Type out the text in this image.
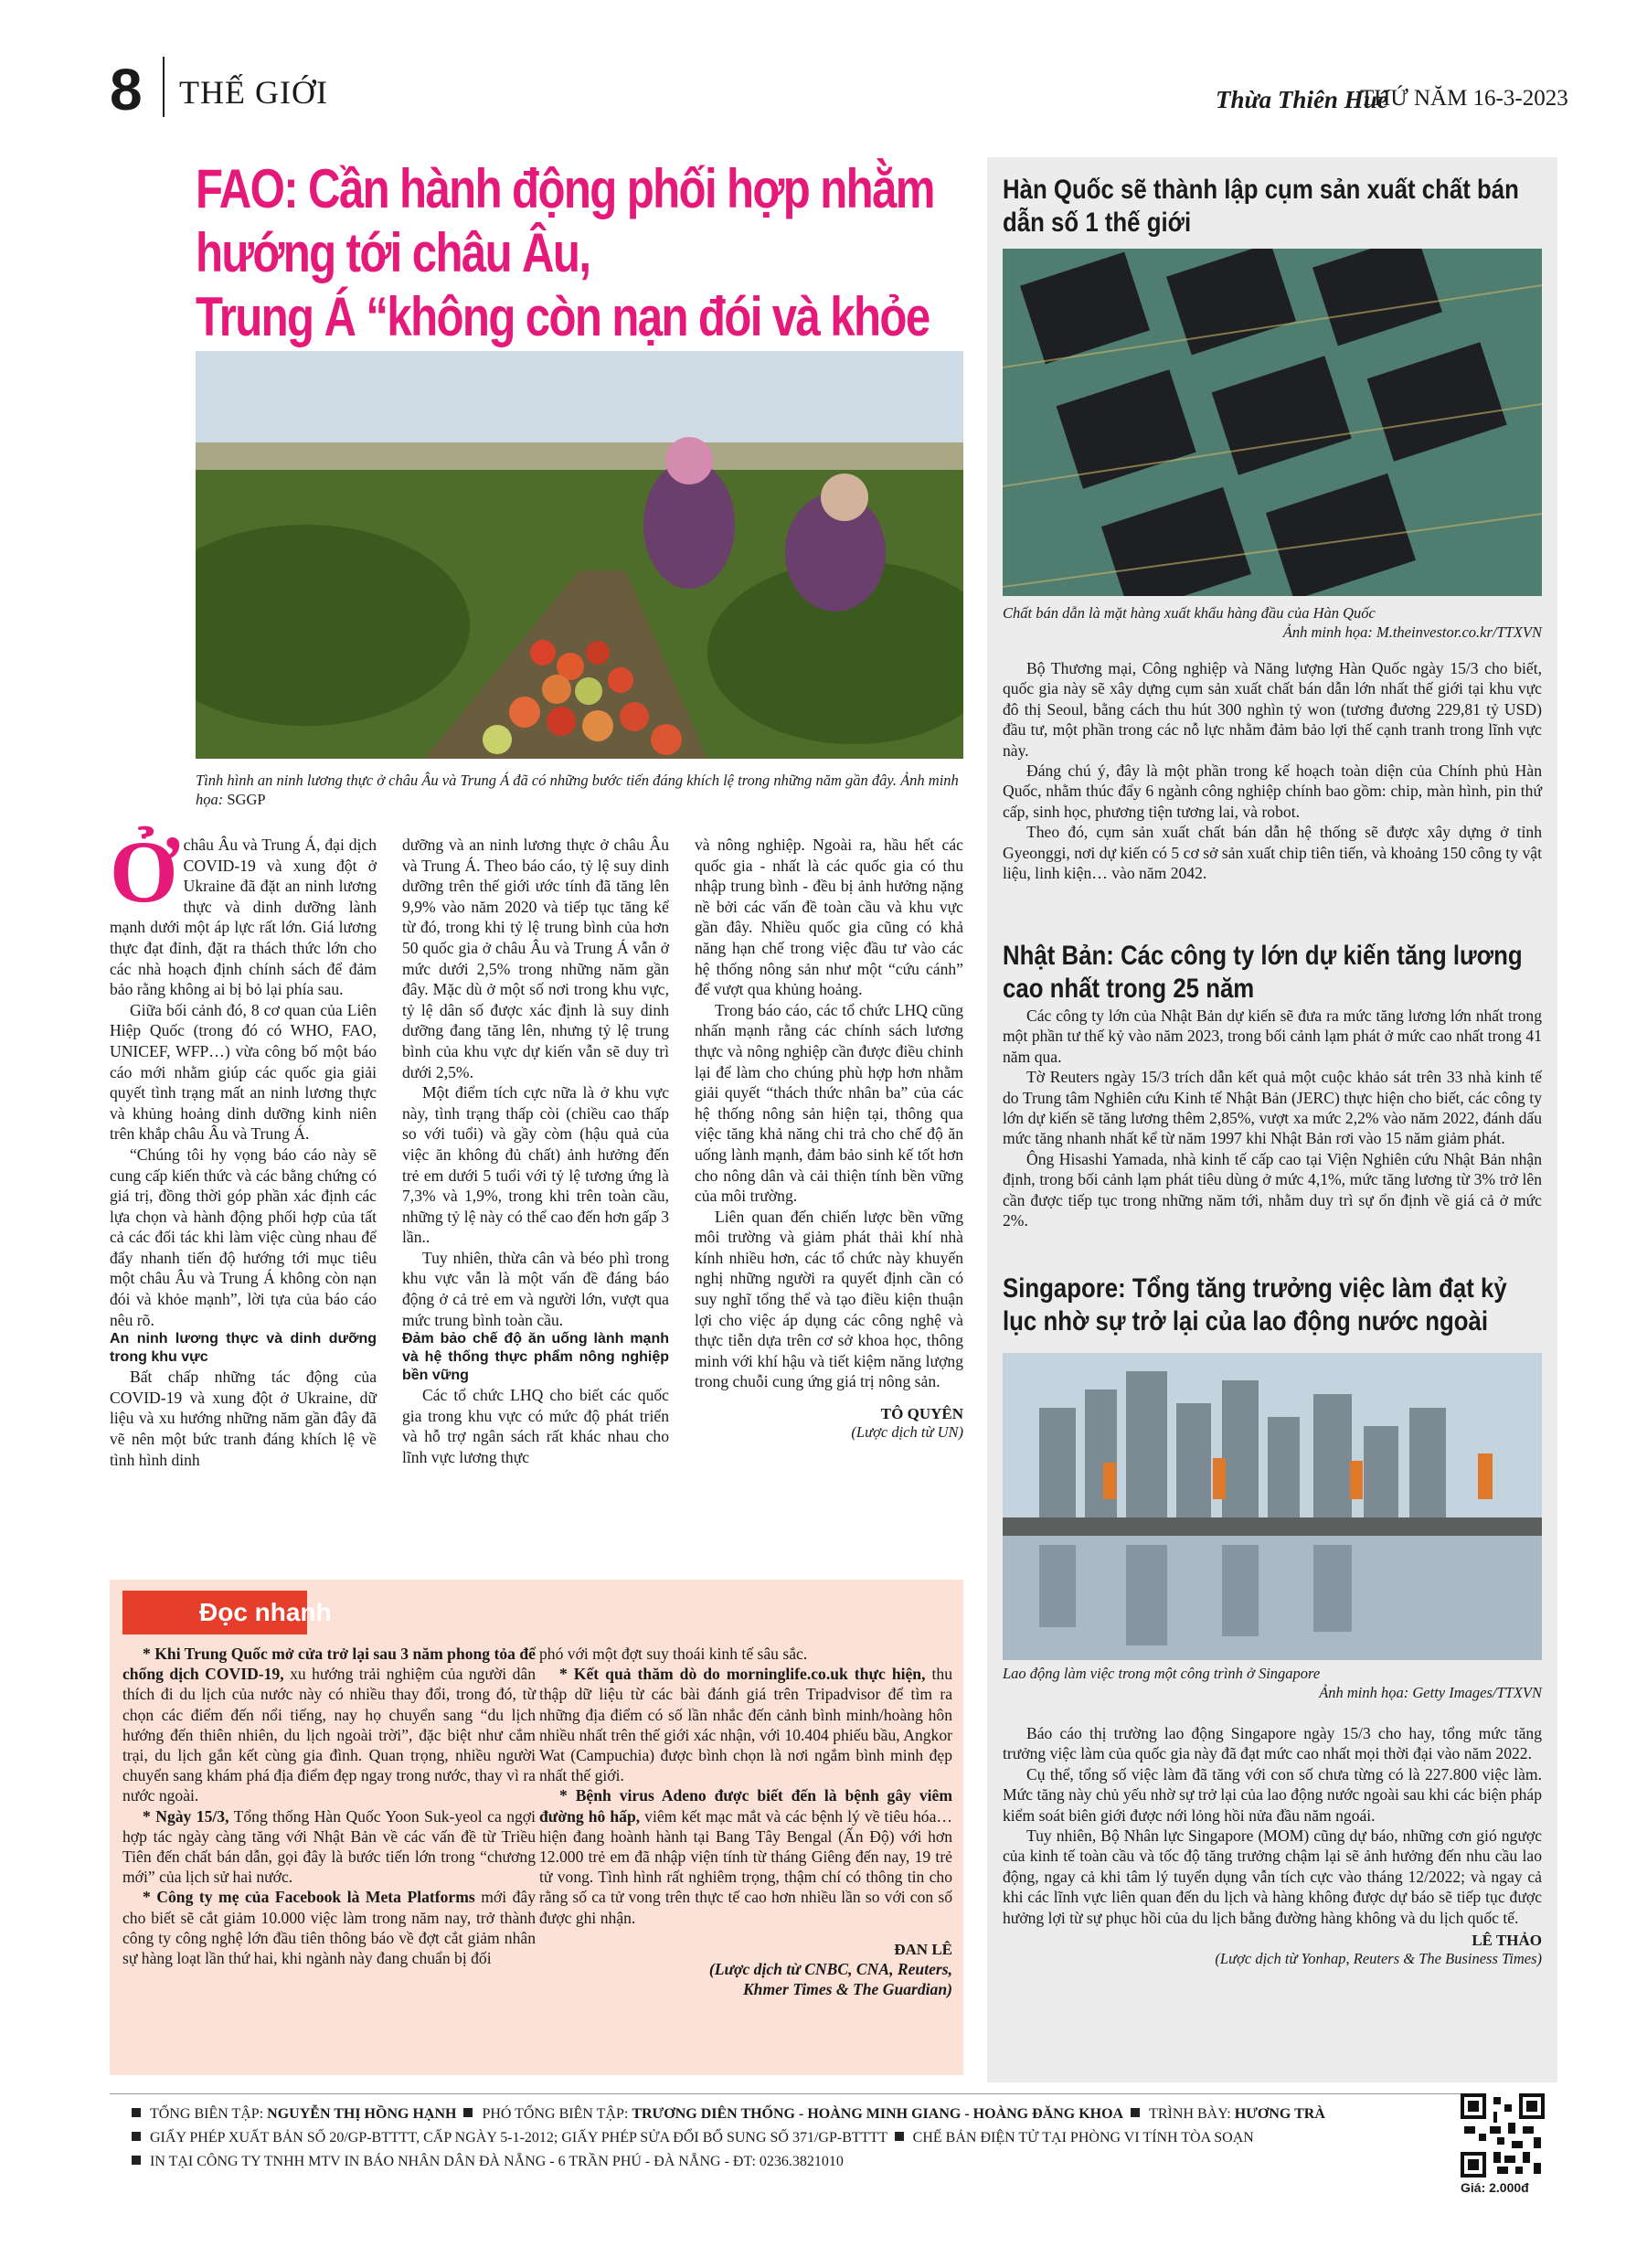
8 THẾ GIỚI	Thừa Thiên Huế
THỨ NĂM 16-3-2023
FAO: Cần hành động phối hợp nhằm hướng tới châu Âu,
Trung Á “không còn nạn đói và khỏe
Tình hình an ninh lương thực ở châu Âu và Trung Á đã có những bước tiến đáng khích lệ trong những năm gần đây. Ảnh minh họa: SGGP
Ở châu Âu và Trung Á, đại dịch COVID-19 và xung đột ở Ukraine đã đặt an ninh lương thực và dinh dưỡng lành mạnh dưới một áp lực rất lớn. Giá lương thực đạt đỉnh, đặt ra thách thức lớn cho các nhà hoạch định chính sách để đảm bảo rằng không ai bị bỏ lại phía sau.

Giữa bối cảnh đó, 8 cơ quan của Liên Hiệp Quốc (trong đó có WHO, FAO, UNICEF, WFP…) vừa công bố một báo cáo mới nhằm giúp các quốc gia giải quyết tình trạng mất an ninh lương thực và khủng hoảng dinh dưỡng kinh niên trên khắp châu Âu và Trung Á.

“Chúng tôi hy vọng báo cáo này sẽ cung cấp kiến thức và các bằng chứng có giá trị, đồng thời góp phần xác định các lựa chọn và hành động phối hợp của tất cả các đối tác khi làm việc cùng nhau để đẩy nhanh tiến độ hướng tới mục tiêu một châu Âu và Trung Á không còn nạn đói và khỏe mạnh”, lời tựa của báo cáo nêu rõ.

An ninh lương thực và dinh dưỡng trong khu vực

Bất chấp những tác động của COVID-19 và xung đột ở Ukraine, dữ liệu và xu hướng những năm gần đây đã vẽ nên một bức tranh đáng khích lệ về tình hình dinh

dưỡng và an ninh lương thực ở châu Âu và Trung Á. Theo báo cáo, tỷ lệ suy dinh dưỡng trên thế giới ước tính đã tăng lên 9,9% vào năm 2020 và tiếp tục tăng kể từ đó, trong khi tỷ lệ trung bình của hơn 50 quốc gia ở châu Âu và Trung Á vẫn ở mức dưới 2,5% trong những năm gần đây. Mặc dù ở một số nơi trong khu vực, tỷ lệ dân số được xác định là suy dinh dưỡng đang tăng lên, nhưng tỷ lệ trung bình của khu vực dự kiến vẫn sẽ duy trì dưới 2,5%.

Một điểm tích cực nữa là ở khu vực này, tình trạng thấp còi (chiều cao thấp so với tuổi) và gầy còm (hậu quả của việc ăn không đủ chất) ảnh hưởng đến trẻ em dưới 5 tuổi với tỷ lệ tương ứng là 7,3% và 1,9%, trong khi trên toàn cầu, những tỷ lệ này có thể cao đến hơn gấp 3 lần..

Tuy nhiên, thừa cân và béo phì trong khu vực vẫn là một vấn đề đáng báo động ở cả trẻ em và người lớn, vượt qua mức trung bình toàn cầu.

Đảm bảo chế độ ăn uống lành mạnh và hệ thống thực phẩm nông nghiệp bền vững

Các tổ chức LHQ cho biết các quốc gia trong khu vực có mức độ phát triển và hỗ trợ ngân sách rất khác nhau cho lĩnh vực lương thực

và nông nghiệp. Ngoài ra, hầu hết các quốc gia - nhất là các quốc gia có thu nhập trung bình - đều bị ảnh hưởng nặng nề bởi các vấn đề toàn cầu và khu vực gần đây. Nhiều quốc gia cũng có khả năng hạn chế trong việc đầu tư vào các hệ thống nông sản như một “cứu cánh” để vượt qua khủng hoảng.

Trong báo cáo, các tổ chức LHQ cũng nhấn mạnh rằng các chính sách lương thực và nông nghiệp cần được điều chỉnh lại để làm cho chúng phù hợp hơn nhằm giải quyết “thách thức nhân ba” của các hệ thống nông sản hiện tại, thông qua việc tăng khả năng chi trả cho chế độ ăn uống lành mạnh, đảm bảo sinh kế tốt hơn cho nông dân và cải thiện tính bền vững của môi trường.

Liên quan đến chiến lược bền vững môi trường và giảm phát thải khí nhà kính nhiều hơn, các tổ chức này khuyến nghị những người ra quyết định cần có suy nghĩ tổng thể và tạo điều kiện thuận lợi cho việc áp dụng các công nghệ và thực tiễn dựa trên cơ sở khoa học, thông minh với khí hậu và tiết kiệm năng lượng trong chuỗi cung ứng giá trị nông sản.

TÔ QUYÊN

(Lược dịch từ UN)

Hàn Quốc sẽ thành lập cụm sản xuất chất bán dẫn số 1 thế giới
Chất bán dẫn là mặt hàng xuất khẩu hàng đầu của Hàn Quốc
Ảnh minh họa: M.theinvestor.co.kr/TTXVN

Bộ Thương mại, Công nghiệp và Năng lượng Hàn Quốc ngày 15/3 cho biết, quốc gia này sẽ xây dựng cụm sản xuất chất bán dẫn lớn nhất thế giới tại khu vực đô thị Seoul, bằng cách thu hút 300 nghìn tỷ won (tương đương 229,81 tỷ USD) đầu tư, một phần trong các nỗ lực nhằm đảm bảo lợi thế cạnh tranh trong lĩnh vực này.

Đáng chú ý, đây là một phần trong kế hoạch toàn diện của Chính phủ Hàn Quốc, nhằm thúc đẩy 6 ngành công nghiệp chính bao gồm: chip, màn hình, pin thứ cấp, sinh học, phương tiện tương lai, và robot.

Theo đó, cụm sản xuất chất bán dẫn hệ thống sẽ được xây dựng ở tỉnh Gyeonggi, nơi dự kiến có 5 cơ sở sản xuất chip tiên tiến, và khoảng 150 công ty vật liệu, linh kiện… vào năm 2042.

Nhật Bản: Các công ty lớn dự kiến tăng lương cao nhất trong 25 năm

Các công ty lớn của Nhật Bản dự kiến sẽ đưa ra mức tăng lương lớn nhất trong một phần tư thế kỷ vào năm 2023, trong bối cảnh lạm phát ở mức cao nhất trong 41 năm qua.

Tờ Reuters ngày 15/3 trích dẫn kết quả một cuộc khảo sát trên 33 nhà kinh tế do Trung tâm Nghiên cứu Kinh tế Nhật Bản (JERC) thực hiện cho biết, các công ty lớn dự kiến sẽ tăng lương thêm 2,85%, vượt xa mức 2,2% vào năm 2022, đánh dấu mức tăng nhanh nhất kể từ năm 1997 khi Nhật Bản rơi vào 15 năm giảm phát.

Ông Hisashi Yamada, nhà kinh tế cấp cao tại Viện Nghiên cứu Nhật Bản nhận định, trong bối cảnh lạm phát tiêu dùng ở mức 4,1%, mức tăng lương từ 3% trở lên cần được tiếp tục trong những năm tới, nhằm duy trì sự ổn định về giá cả ở mức 2%.

Singapore: Tổng tăng trưởng việc làm đạt kỷ lục nhờ sự trở lại của lao động nước ngoài
Lao động làm việc trong một công trình ở Singapore
Ảnh minh họa: Getty Images/TTXVN

Báo cáo thị trường lao động Singapore ngày 15/3 cho hay, tổng mức tăng trưởng việc làm của quốc gia này đã đạt mức cao nhất mọi thời đại vào năm 2022.

Cụ thể, tổng số việc làm đã tăng với con số chưa từng có là 227.800 việc làm. Mức tăng này chủ yếu nhờ sự trở lại của lao động nước ngoài sau khi các biện pháp kiểm soát biên giới được nới lỏng hồi nửa đầu năm ngoái.

Tuy nhiên, Bộ Nhân lực Singapore (MOM) cũng dự báo, những cơn gió ngược của kinh tế toàn cầu và tốc độ tăng trưởng chậm lại sẽ ảnh hưởng đến nhu cầu lao động, ngay cả khi tâm lý tuyển dụng vẫn tích cực vào tháng 12/2022; và ngay cả khi các lĩnh vực liên quan đến du lịch và hàng không được dự báo sẽ tiếp tục được hưởng lợi từ sự phục hồi của du lịch bằng đường hàng không và du lịch quốc tế.

LÊ THẢO

(Lược dịch từ Yonhap, Reuters & The Business Times)

Đọc nhanh

* Khi Trung Quốc mở cửa trở lại sau 3 năm phong tỏa để chống dịch COVID-19, xu hướng trải nghiệm của người dân thích đi du lịch của nước này có nhiều thay đổi, trong đó, từ chọn các điểm đến nổi tiếng, nay họ chuyển sang “du lịch hướng đến thiên nhiên, du lịch ngoài trời”, đặc biệt như cắm trại, du lịch gắn kết cùng gia đình. Quan trọng, nhiều người chuyển sang khám phá địa điểm đẹp ngay trong nước, thay vì ra nước ngoài.

* Ngày 15/3, Tổng thống Hàn Quốc Yoon Suk-yeol ca ngợi hợp tác ngày càng tăng với Nhật Bản về các vấn đề từ Triều Tiên đến chất bán dẫn, gọi đây là bước tiến lớn trong “chương mới” của lịch sử hai nước.

* Công ty mẹ của Facebook là Meta Platforms mới đây cho biết sẽ cắt giảm 10.000 việc làm trong năm nay, trở thành công ty công nghệ lớn đầu tiên thông báo về đợt cắt giảm nhân sự hàng loạt lần thứ hai, khi ngành này đang chuẩn bị đối

phó với một đợt suy thoái kinh tế sâu sắc.

* Kết quả thăm dò do morninglife.co.uk thực hiện, thu thập dữ liệu từ các bài đánh giá trên Tripadvisor để tìm ra những địa điểm có số lần nhắc đến cảnh bình minh/hoàng hôn nhiều nhất trên thế giới xác nhận, với 10.404 phiếu bầu, Angkor Wat (Campuchia) được bình chọn là nơi ngắm bình minh đẹp nhất thế giới.

* Bệnh virus Adeno được biết đến là bệnh gây viêm đường hô hấp, viêm kết mạc mắt và các bệnh lý về tiêu hóa… hiện đang hoành hành tại Bang Tây Bengal (Ấn Độ) với hơn 12.000 trẻ em đã nhập viện tính từ tháng Giêng đến nay, 19 trẻ tử vong. Tình hình rất nghiêm trọng, thậm chí có thông tin cho rằng số ca tử vong trên thực tế cao hơn nhiều lần so với con số được ghi nhận.

ĐAN LÊ

(Lược dịch từ CNBC, CNA, Reuters,

Khmer Times & The Guardian)

TỔNG BIÊN TẬP: NGUYỄN THỊ HỒNG HẠNH PHÓ TỔNG BIÊN TẬP: TRƯƠNG DIÊN THỐNG - HOÀNG MINH GIANG - HOÀNG ĐĂNG KHOA TRÌNH BÀY: HƯƠNG TRÀ
GIẤY PHÉP XUẤT BẢN SỐ 20/GP-BTTTT, CẤP NGÀY 5-1-2012; GIẤY PHÉP SỬA ĐỔI BỔ SUNG SỐ 371/GP-BTTTT CHẾ BẢN ĐIỆN TỬ TẠI PHÒNG VI TÍNH TÒA SOẠN
IN TẠI CÔNG TY TNHH MTV IN BÁO NHÂN DÂN ĐÀ NẴNG - 6 TRẦN PHÚ - ĐÀ NẴNG - ĐT: 0236.3821010
Giá: 2.000đ
